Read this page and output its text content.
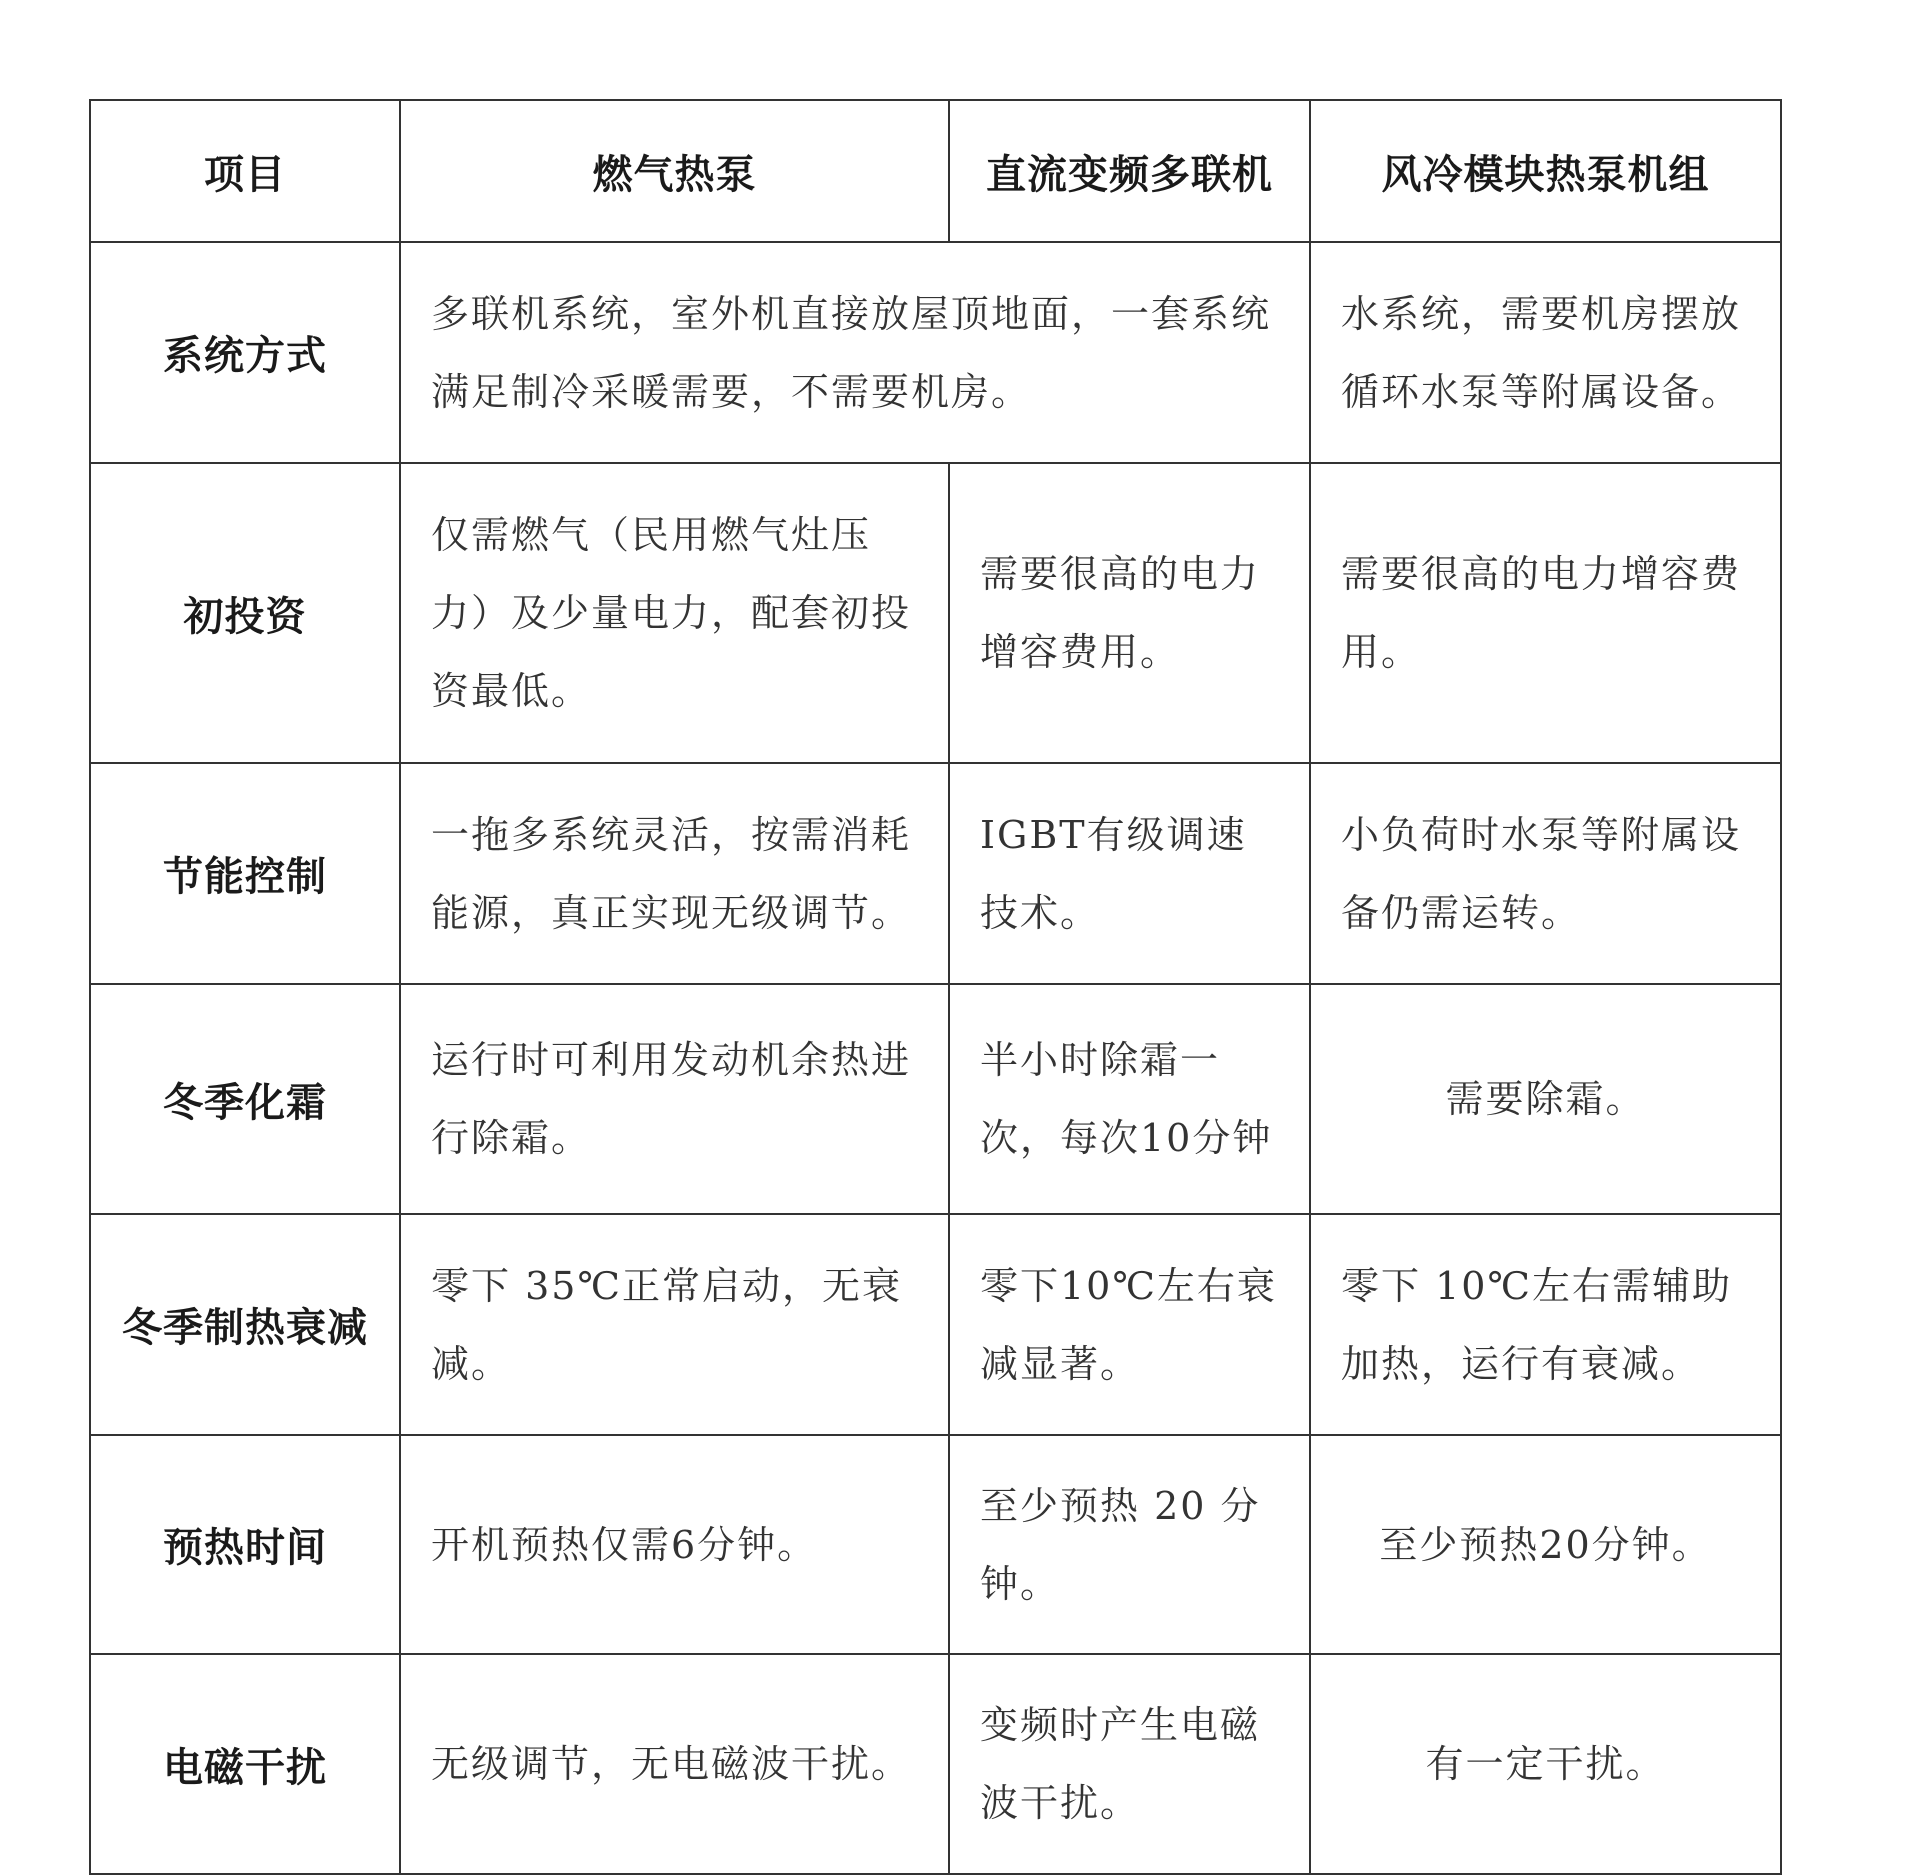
项目	燃气热泵	直流变频多联机	风冷模块热泵机组
系统方式	多联机系统，室外机直接放屋顶地面，一套系统满足制冷采暖需要，不需要机房。		水系统，需要机房摆放循环水泵等附属设备。
初投资	仅需燃气（民用燃气灶压力）及少量电力，配套初投资最低。	需要很高的电力增容费用。	需要很高的电力增容费用。
节能控制	一拖多系统灵活，按需消耗能源，真正实现无级调节。	IGBT有级调速技术。	小负荷时水泵等附属设备仍需运转。
冬季化霜	运行时可利用发动机余热进行除霜。	半小时除霜一次，每次10分钟	需要除霜。
冬季制热衰减	零下 35℃正常启动，无衰减。	零下10℃左右衰减显著。	零下 10℃左右需辅助加热，运行有衰减。
预热时间	开机预热仅需6分钟。	至少预热 20 分钟。	至少预热20分钟。
电磁干扰	无级调节，无电磁波干扰。	变频时产生电磁波干扰。	有一定干扰。
